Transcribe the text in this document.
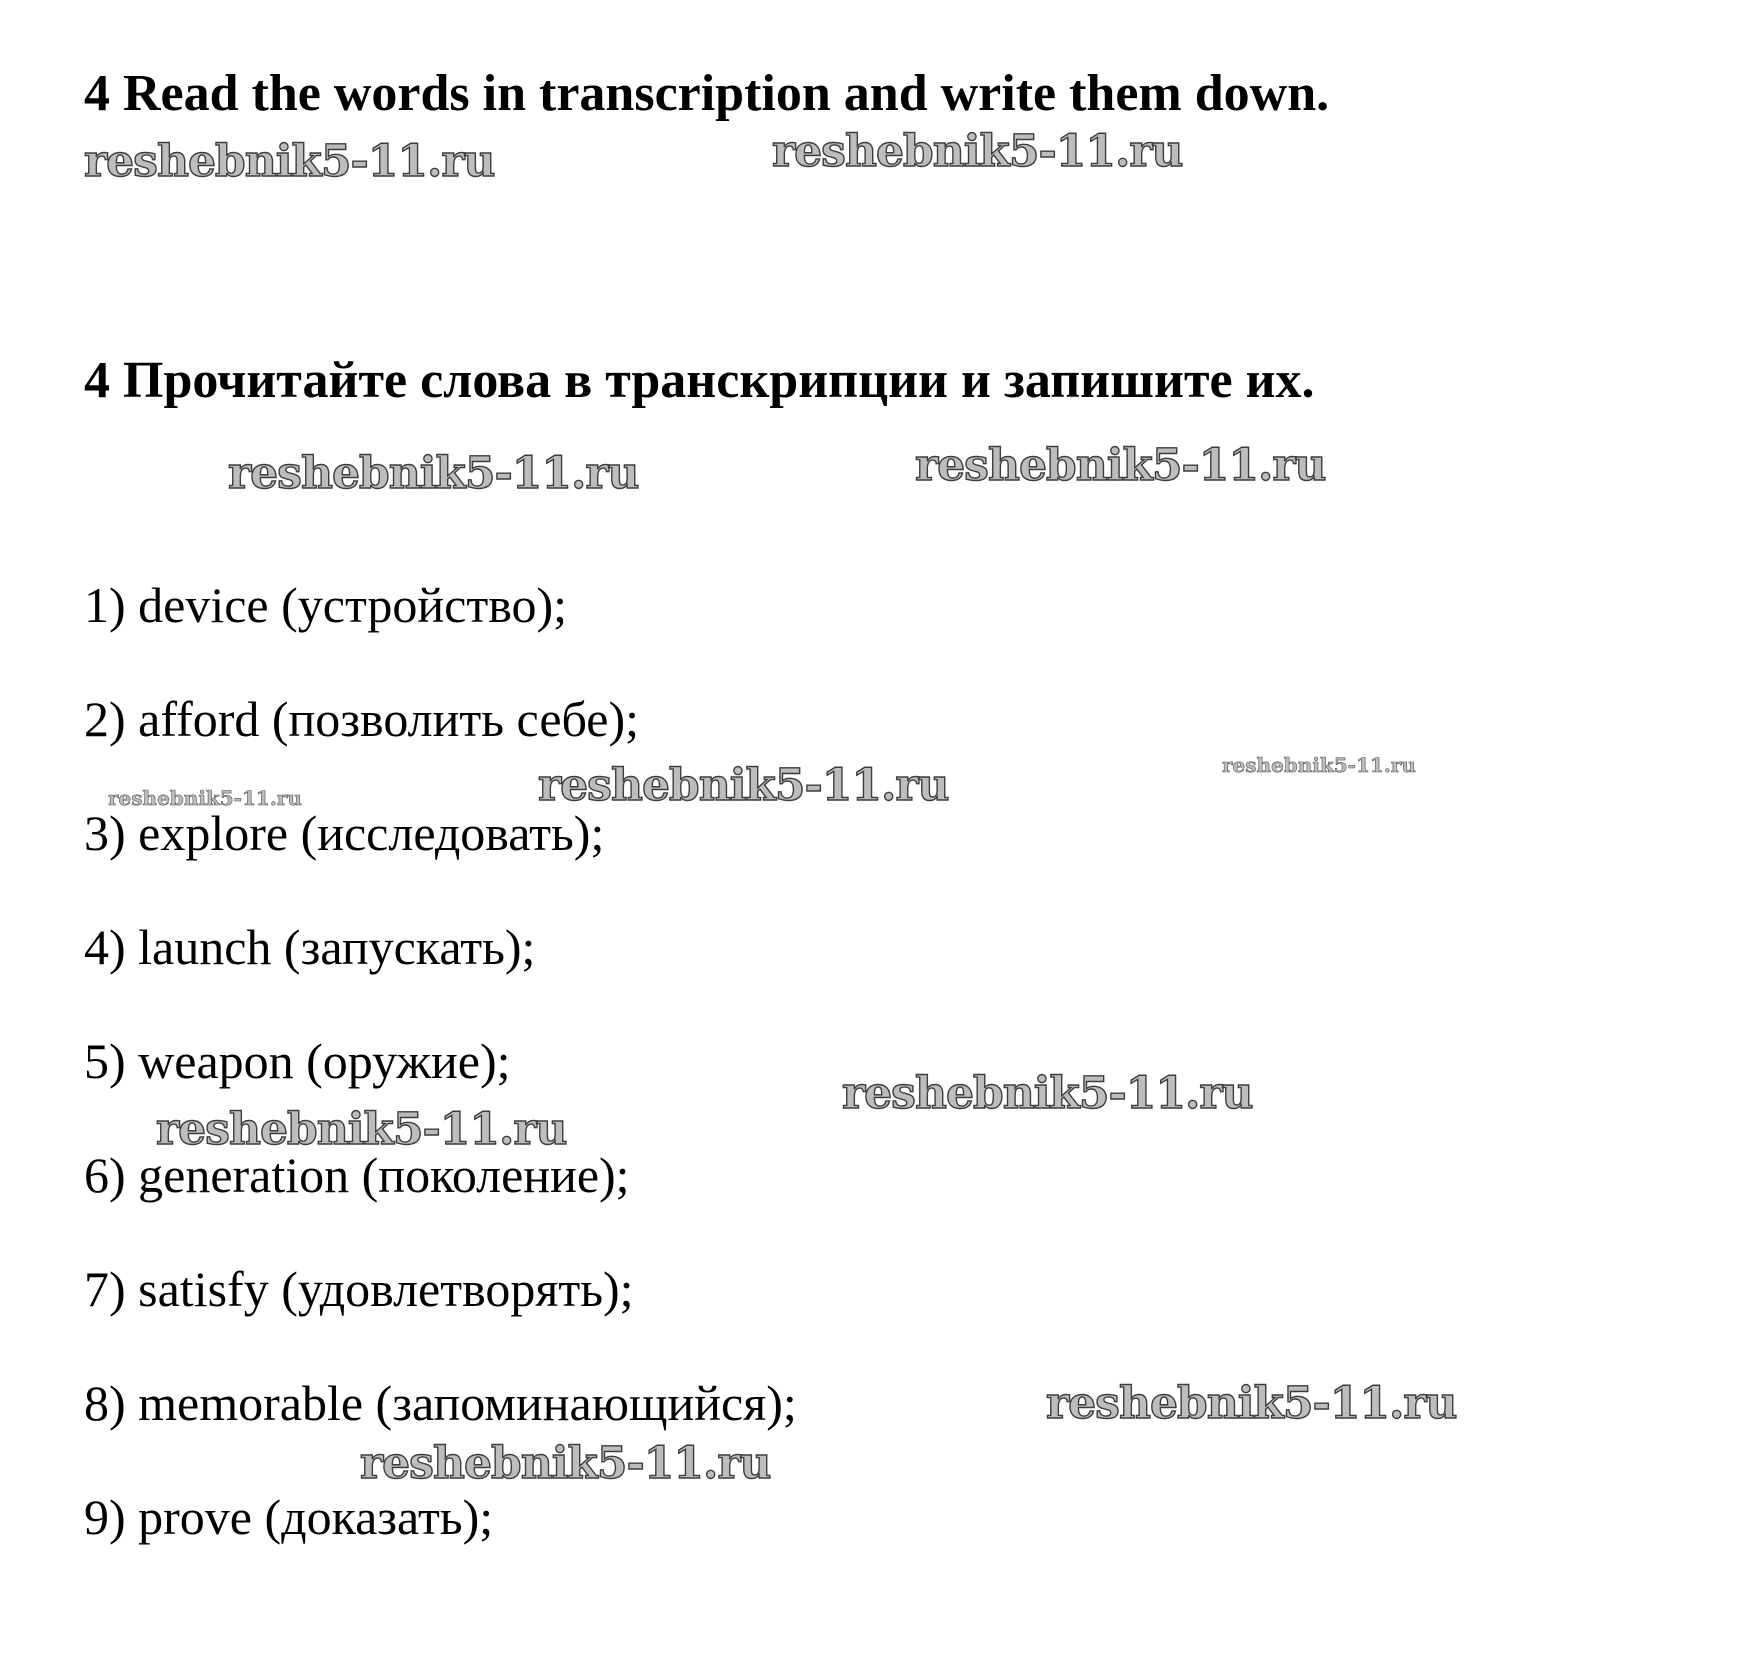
4 Read the words in transcription and write them down.
4 Прочитайте слова в транскрипции и запишите их.
1) device (устройство);
2) afford (позволить себе);
3) explore (исследовать);
4) launch (запускать);
5) weapon (оружие);
6) generation (поколение);
7) satisfy (удовлетворять);
8) memorable (запоминающийся);
9) prove (доказать);
reshebnik5-11.ru	reshebnik5-11.ru
reshebnik5-11.ru	reshebnik5-11.ru
reshebnik5-11.ru	reshebnik5-11.ru	reshebnik5-11.ru
reshebnik5-11.ru
reshebnik5-11.ru
reshebnik5-11.ru
reshebnik5-11.ru
